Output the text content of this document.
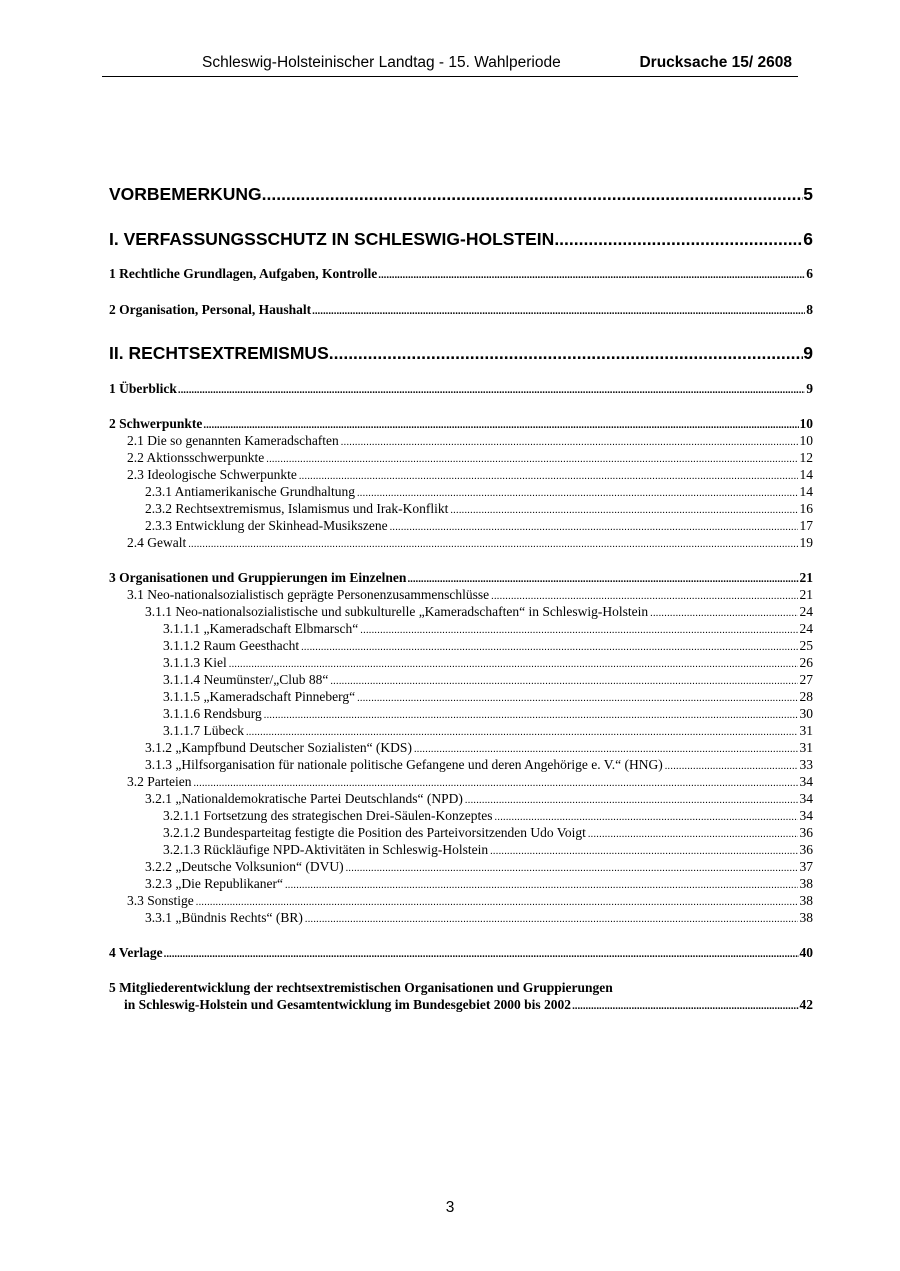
Schleswig-Holsteinischer Landtag - 15. Wahlperiode	Drucksache 15/ 2608
VORBEMERKUNG .....	5
I. VERFASSUNGSSCHUTZ IN SCHLESWIG-HOLSTEIN .....	6
1 Rechtliche Grundlagen, Aufgaben, Kontrolle .....	6
2 Organisation, Personal, Haushalt .....	8
II. RECHTSEXTREMISMUS .....	9
1 Überblick .....	9
2 Schwerpunkte .....	10
2.1 Die so genannten Kameradschaften .....	10
2.2 Aktionsschwerpunkte .....	12
2.3 Ideologische Schwerpunkte .....	14
2.3.1 Antiamerikanische Grundhaltung .....	14
2.3.2 Rechtsextremismus, Islamismus und Irak-Konflikt .....	16
2.3.3 Entwicklung der Skinhead-Musikszene .....	17
2.4 Gewalt .....	19
3 Organisationen und Gruppierungen im Einzelnen .....	21
3.1 Neo-nationalsozialistisch geprägte Personenzusammenschlüsse .....	21
3.1.1 Neo-nationalsozialistische und subkulturelle „Kameradschaften“ in Schleswig-Holstein .....	24
3.1.1.1 „Kameradschaft Elbmarsch“ .....	24
3.1.1.2 Raum Geesthacht .....	25
3.1.1.3 Kiel .....	26
3.1.1.4 Neumünster/„Club 88“ .....	27
3.1.1.5 „Kameradschaft Pinneberg“ .....	28
3.1.1.6 Rendsburg .....	30
3.1.1.7 Lübeck .....	31
3.1.2 „Kampfbund Deutscher Sozialisten“ (KDS) .....	31
3.1.3 „Hilfsorganisation für nationale politische Gefangene und deren Angehörige e. V.“ (HNG) .....	33
3.2 Parteien .....	34
3.2.1 „Nationaldemokratische Partei Deutschlands“ (NPD) .....	34
3.2.1.1 Fortsetzung des strategischen Drei-Säulen-Konzeptes .....	34
3.2.1.2 Bundesparteitag festigte die Position des Parteivorsitzenden Udo Voigt .....	36
3.2.1.3 Rückläufige NPD-Aktivitäten in Schleswig-Holstein .....	36
3.2.2 „Deutsche Volksunion“ (DVU) .....	37
3.2.3 „Die Republikaner“ .....	38
3.3 Sonstige .....	38
3.3.1 „Bündnis Rechts“ (BR) .....	38
4 Verlage .....	40
5 Mitgliederentwicklung der rechtsextremistischen Organisationen und Gruppierungen
in Schleswig-Holstein und Gesamtentwicklung im Bundesgebiet 2000 bis 2002 .....	42
3
